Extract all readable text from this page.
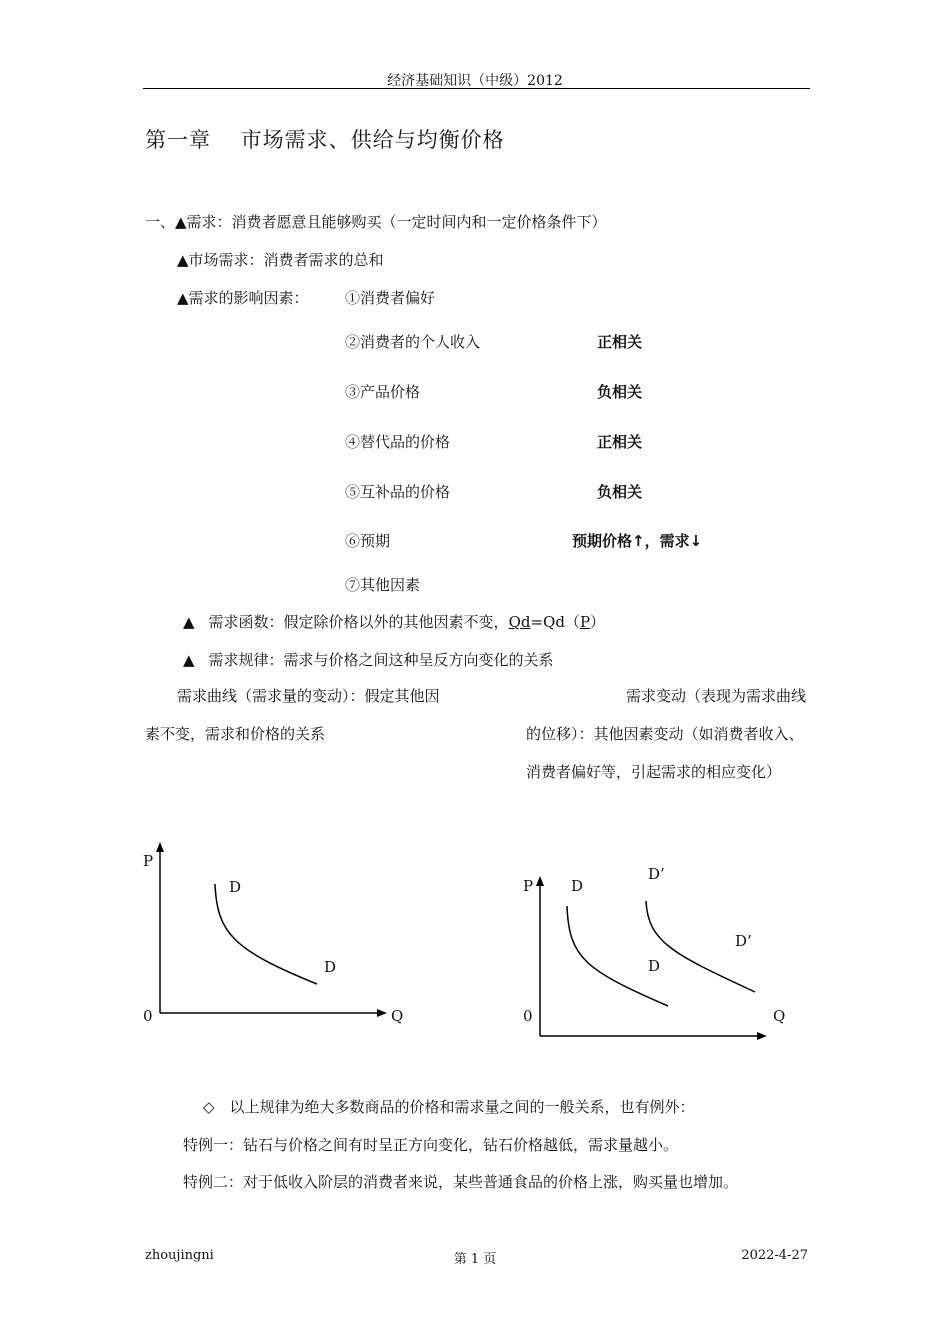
经济基础知识（中级）2012
第一章　 市场需求、供给与均衡价格
一、▲需求：消费者愿意且能够购买（一定时间内和一定价格条件下）
▲市场需求：消费者需求的总和
▲需求的影响因素： ①消费者偏好
②消费者的个人收入	正相关
③产品价格	负相关
④替代品的价格	正相关
⑤互补品的价格	负相关
⑥预期	预期价格↑，需求↓
⑦其他因素
▲ 需求函数：假定除价格以外的其他因素不变，Qd=Qd（P）
▲ 需求规律：需求与价格之间这种呈反方向变化的关系
需求曲线（需求量的变动）：假定其他因素不变，需求和价格的关系
需求变动（表现为需求曲线的位移）：其他因素变动（如消费者收入、消费者偏好等，引起需求的相应变化）
P
0	Q
D
D
P
0	Q
D
D
D’
D’
◇　以上规律为绝大多数商品的价格和需求量之间的一般关系，也有例外：
特例一：钻石与价格之间有时呈正方向变化，钻石价格越低，需求量越小。
特例二：对于低收入阶层的消费者来说，某些普通食品的价格上涨，购买量也增加。
zhoujingni	第 1 页	2022-4-27
